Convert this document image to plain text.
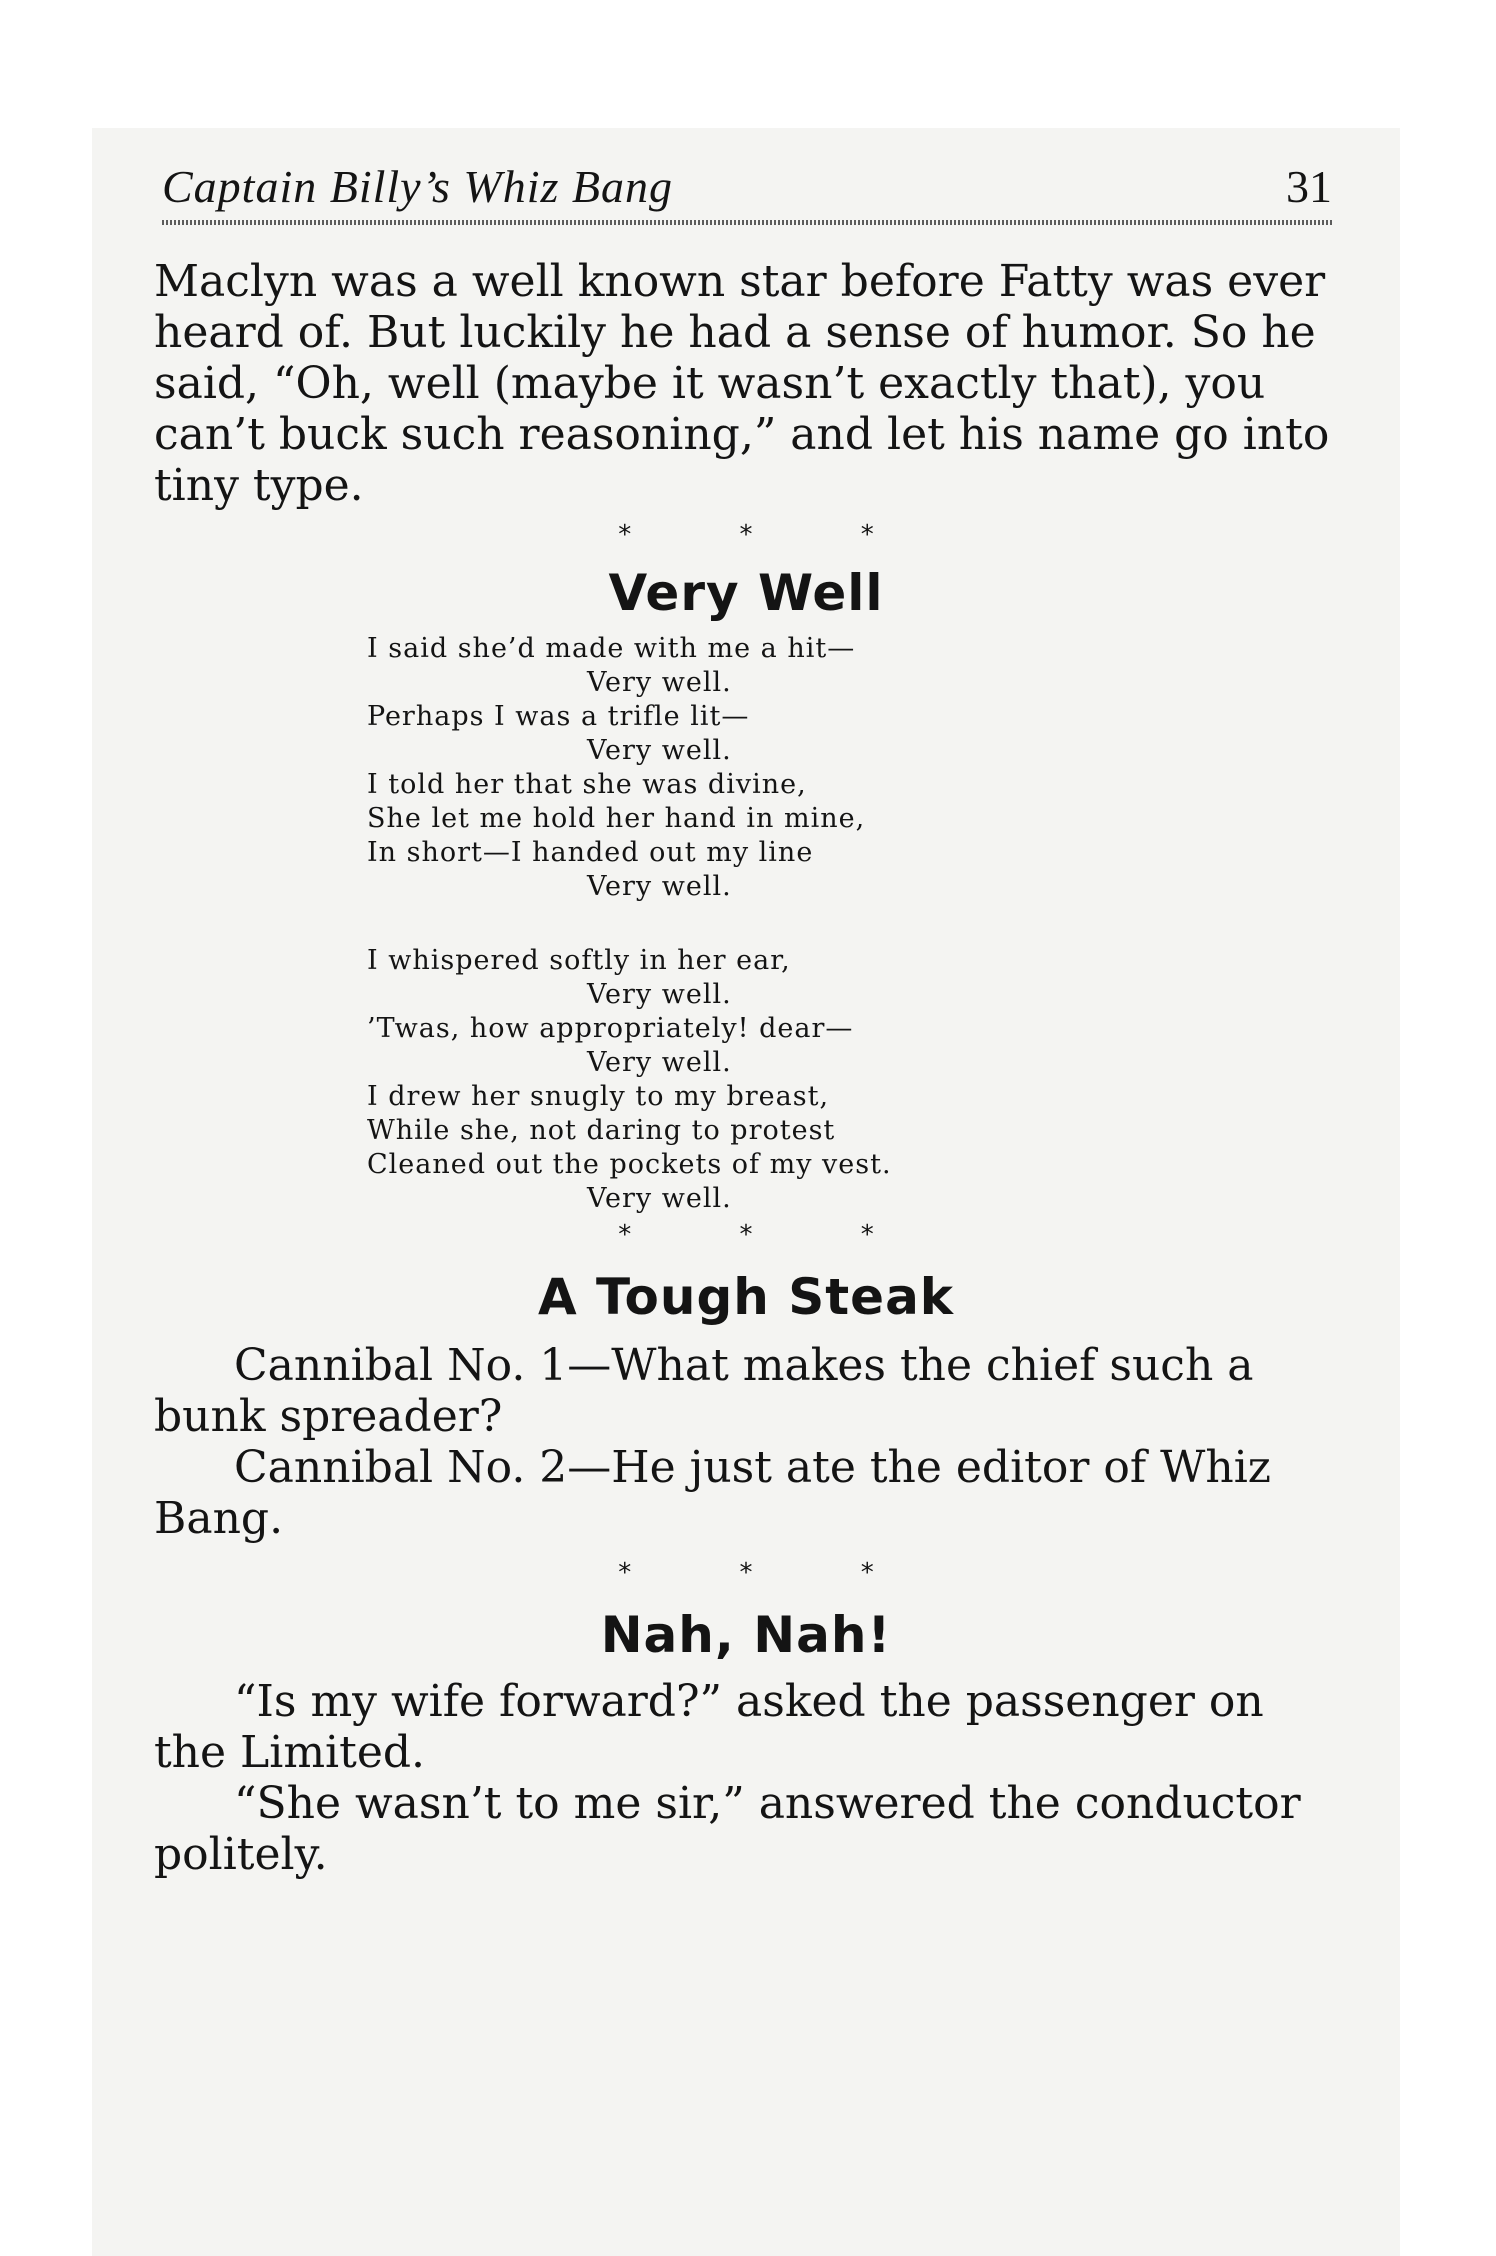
Captain Billy’s Whiz Bang	31

Maclyn was a well known star before Fatty was ever heard of. But luckily he had a sense of humor. So he said, “Oh, well (maybe it wasn’t exactly that), you can’t buck such reasoning,” and let his name go into tiny type.

* * *
Very Well
I said she’d made with me a hit—
Very well.
Perhaps I was a trifle lit—
Very well.
I told her that she was divine,
She let me hold her hand in mine,
In short—I handed out my line
Very well.
I whispered softly in her ear,
Very well.
’Twas, how appropriately! dear—
Very well.
I drew her snugly to my breast,
While she, not daring to protest
Cleaned out the pockets of my vest.
Very well.
* * *
A Tough Steak

Cannibal No. 1—What makes the chief such a bunk spreader?

Cannibal No. 2—He just ate the editor of Whiz Bang.

* * *
Nah, Nah!

“Is my wife forward?” asked the passenger on the Limited.

“She wasn’t to me sir,” answered the conductor politely.
